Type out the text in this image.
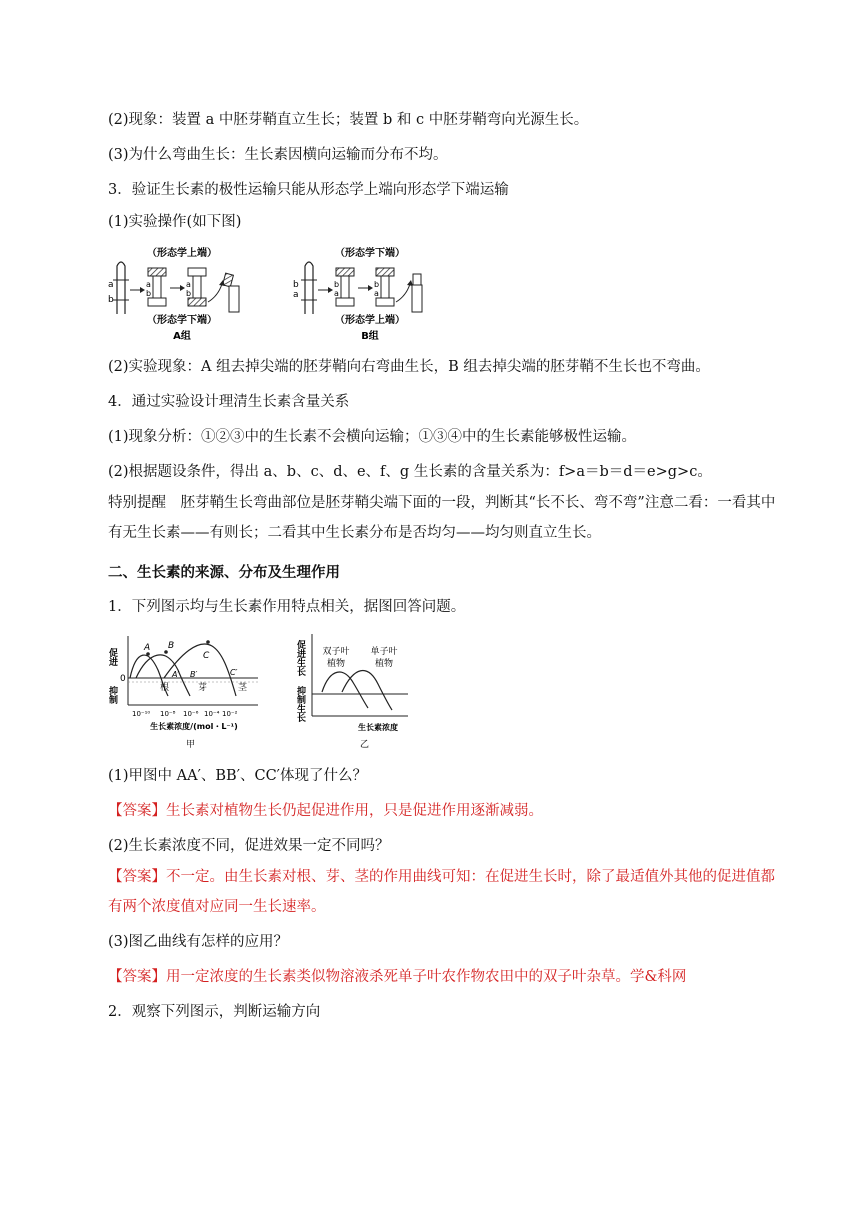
(2)现象：装置 a 中胚芽鞘直立生长；装置 b 和 c 中胚芽鞘弯向光源生长。
(3)为什么弯曲生长：生长素因横向运输而分布不均。
3．验证生长素的极性运输只能从形态学上端向形态学下端运输
(1)实验操作(如下图)
a
b
（形态学上端）
a
b
a
b
（形态学下端）
A组
b
a
（形态学下端）
b
a
b
a
（形态学上端）
B组
(2)实验现象：A 组去掉尖端的胚芽鞘向右弯曲生长，B 组去掉尖端的胚芽鞘不生长也不弯曲。
4．通过实验设计理清生长素含量关系
(1)现象分析：①②③中的生长素不会横向运输；①③④中的生长素能够极性运输。
(2)根据题设条件，得出 a、b、c、d、e、f、g 生长素的含量关系为：f>a＝b＝d＝e>g>c。
特别提醒　胚芽鞘生长弯曲部位是胚芽鞘尖端下面的一段，判断其“长不长、弯不弯”注意二看：一看其中有无生长素——有则长；二看其中生长素分布是否均匀——均匀则直立生长。
二、生长素的来源、分布及生理作用
1．下列图示均与生长素作用特点相关，据图回答问题。
促进
抑制
0
A B
C
A′ B′	C′
根	芽	茎
10⁻¹⁰ 10⁻⁸ 10⁻⁶ 10⁻⁴ 10⁻²
生长素浓度/(mol・L⁻¹)
甲
促进生长
抑制生长
双子叶
植物
单子叶
植物
生长素浓度
乙
(1)甲图中 AA′、BB′、CC′体现了什么？
【答案】生长素对植物生长仍起促进作用，只是促进作用逐渐减弱。
(2)生长素浓度不同，促进效果一定不同吗？
【答案】不一定。由生长素对根、芽、茎的作用曲线可知：在促进生长时，除了最适值外其他的促进值都有两个浓度值对应同一生长速率。
(3)图乙曲线有怎样的应用？
【答案】用一定浓度的生长素类似物溶液杀死单子叶农作物农田中的双子叶杂草。学&科网
2．观察下列图示，判断运输方向
